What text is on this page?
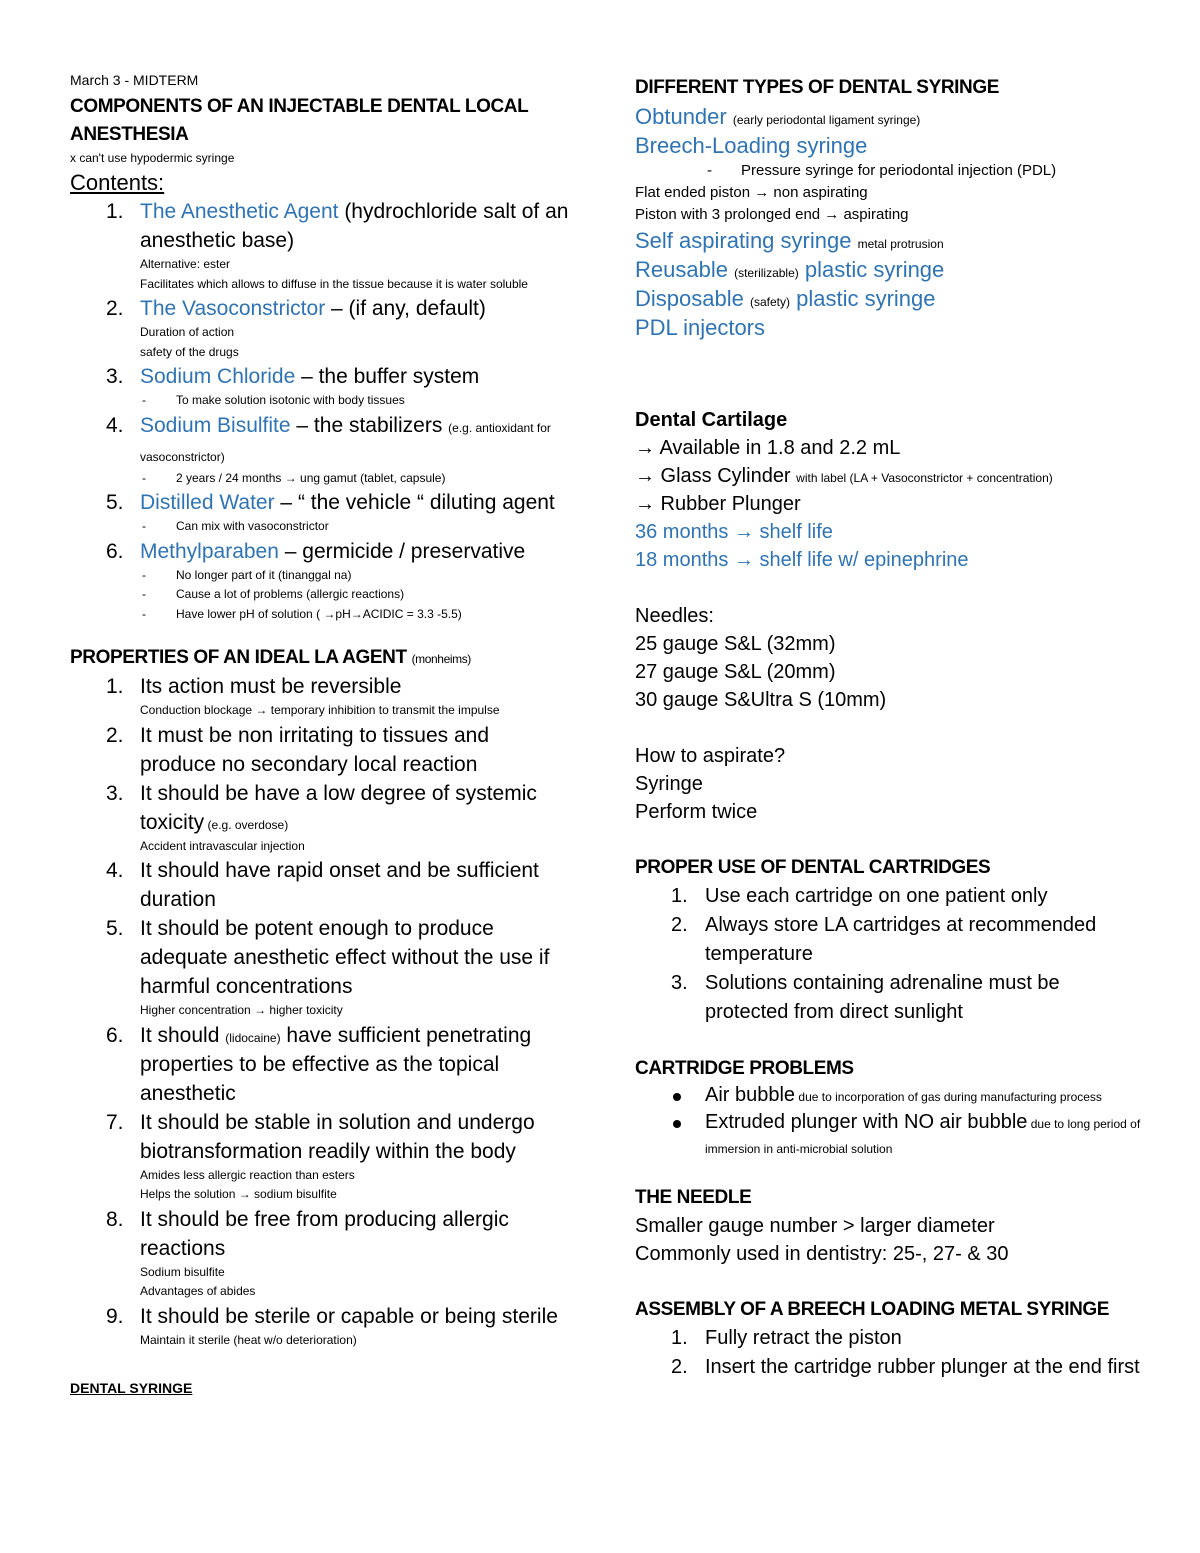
March 3 - MIDTERM
COMPONENTS OF AN INJECTABLE DENTAL LOCAL ANESTHESIA
x can't use hypodermic syringe
Contents:
1. The Anesthetic Agent (hydrochloride salt of an anesthetic base)
Alternative: ester
Facilitates which allows to diffuse in the tissue because it is water soluble
2. The Vasoconstrictor – (if any, default)
Duration of action
safety of the drugs
3. Sodium Chloride – the buffer system
-	To make solution isotonic with body tissues
4. Sodium Bisulfite – the stabilizers (e.g. antioxidant for vasoconstrictor)
-	2 years / 24 months → ung gamut (tablet, capsule)
5. Distilled Water – “ the vehicle “ diluting agent
-	Can mix with vasoconstrictor
6. Methylparaben – germicide / preservative
-	No longer part of it (tinanggal na)
-	Cause a lot of problems (allergic reactions)
-	Have lower pH of solution ( →pH→ACIDIC = 3.3 -5.5)
PROPERTIES OF AN IDEAL LA AGENT (monheims)
1. Its action must be reversible
Conduction blockage → temporary inhibition to transmit the impulse
2. It must be non irritating to tissues and produce no secondary local reaction
3. It should be have a low degree of systemic toxicity (e.g. overdose)
Accident intravascular injection
4. It should have rapid onset and be sufficient duration
5. It should be potent enough to produce adequate anesthetic effect without the use if harmful concentrations
Higher concentration → higher toxicity
6. It should (lidocaine) have sufficient penetrating properties to be effective as the topical anesthetic
7. It should be stable in solution and undergo biotransformation readily within the body
Amides less allergic reaction than esters
Helps the solution → sodium bisulfite
8. It should be free from producing allergic reactions
Sodium bisulfite
Advantages of abides
9. It should be sterile or capable or being sterile
Maintain it sterile (heat w/o deterioration)
DENTAL SYRINGE
DIFFERENT TYPES OF DENTAL SYRINGE
Obtunder (early periodontal ligament syringe)
Breech-Loading syringe
- Pressure syringe for periodontal injection (PDL)
Flat ended piston → non aspirating
Piston with 3 prolonged end → aspirating
Self aspirating syringe metal protrusion
Reusable (sterilizable) plastic syringe
Disposable (safety) plastic syringe
PDL injectors
Dental Cartilage
→ Available in 1.8 and 2.2 mL
→ Glass Cylinder with label (LA + Vasoconstrictor + concentration)
→ Rubber Plunger
36 months → shelf life
18 months → shelf life w/ epinephrine
Needles:
25 gauge S&L (32mm)
27 gauge S&L (20mm)
30 gauge S&Ultra S (10mm)
How to aspirate?
Syringe
Perform twice
PROPER USE OF DENTAL CARTRIDGES
1. Use each cartridge on one patient only
2. Always store LA cartridges at recommended temperature
3. Solutions containing adrenaline must be protected from direct sunlight
CARTRIDGE PROBLEMS
Air bubble due to incorporation of gas during manufacturing process
Extruded plunger with NO air bubble due to long period of immersion in anti-microbial solution
THE NEEDLE
Smaller gauge number > larger diameter
Commonly used in dentistry: 25-, 27- & 30
ASSEMBLY OF A BREECH LOADING METAL SYRINGE
1. Fully retract the piston
2. Insert the cartridge rubber plunger at the end first
